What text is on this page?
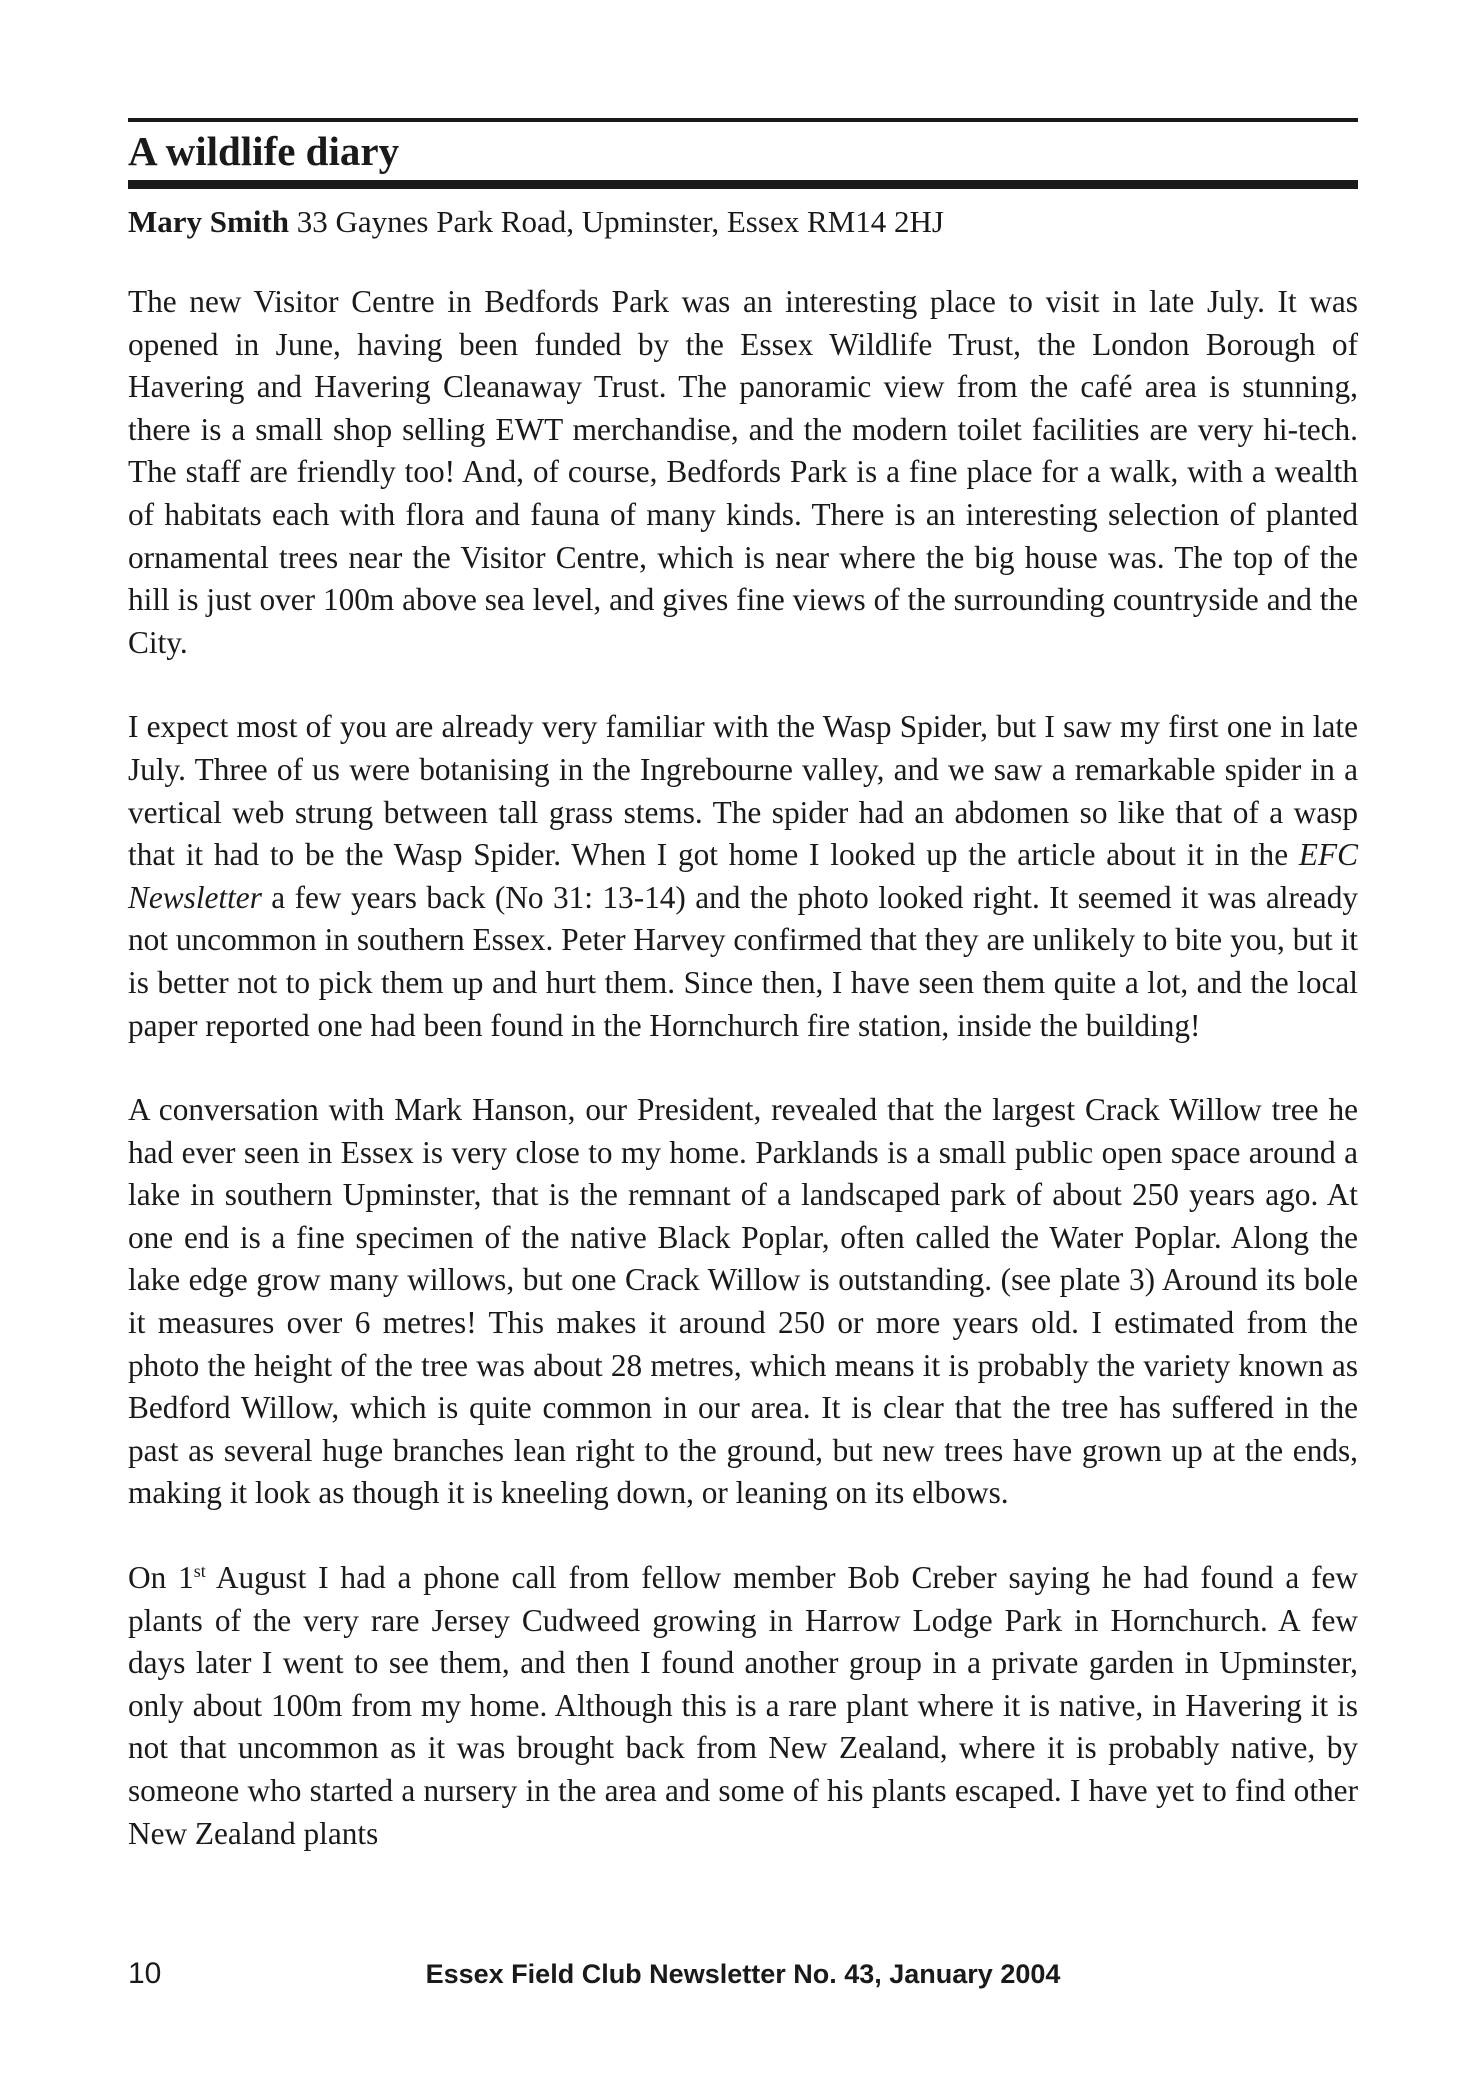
A wildlife diary
Mary Smith 33 Gaynes Park Road, Upminster, Essex RM14 2HJ

The new Visitor Centre in Bedfords Park was an interesting place to visit in late July. It was opened in June, having been funded by the Essex Wildlife Trust, the London Borough of Havering and Havering Cleanaway Trust. The panoramic view from the café area is stunning, there is a small shop selling EWT merchandise, and the modern toilet facilities are very hi-tech. The staff are friendly too! And, of course, Bedfords Park is a fine place for a walk, with a wealth of habitats each with flora and fauna of many kinds. There is an interesting selection of planted ornamental trees near the Visitor Centre, which is near where the big house was. The top of the hill is just over 100m above sea level, and gives fine views of the surrounding countryside and the City.

I expect most of you are already very familiar with the Wasp Spider, but I saw my first one in late July. Three of us were botanising in the Ingrebourne valley, and we saw a remarkable spider in a vertical web strung between tall grass stems. The spider had an abdomen so like that of a wasp that it had to be the Wasp Spider. When I got home I looked up the article about it in the EFC Newsletter a few years back (No 31: 13-14) and the photo looked right. It seemed it was already not uncommon in southern Essex. Peter Harvey confirmed that they are unlikely to bite you, but it is better not to pick them up and hurt them. Since then, I have seen them quite a lot, and the local paper reported one had been found in the Hornchurch fire station, inside the building!

A conversation with Mark Hanson, our President, revealed that the largest Crack Willow tree he had ever seen in Essex is very close to my home. Parklands is a small public open space around a lake in southern Upminster, that is the remnant of a landscaped park of about 250 years ago. At one end is a fine specimen of the native Black Poplar, often called the Water Poplar. Along the lake edge grow many willows, but one Crack Willow is outstanding. (see plate 3) Around its bole it measures over 6 metres! This makes it around 250 or more years old. I estimated from the photo the height of the tree was about 28 metres, which means it is probably the variety known as Bedford Willow, which is quite common in our area. It is clear that the tree has suffered in the past as several huge branches lean right to the ground, but new trees have grown up at the ends, making it look as though it is kneeling down, or leaning on its elbows.

On 1st August I had a phone call from fellow member Bob Creber saying he had found a few plants of the very rare Jersey Cudweed growing in Harrow Lodge Park in Hornchurch. A few days later I went to see them, and then I found another group in a private garden in Upminster, only about 100m from my home. Although this is a rare plant where it is native, in Havering it is not that uncommon as it was brought back from New Zealand, where it is probably native, by someone who started a nursery in the area and some of his plants escaped. I have yet to find other New Zealand plants

10	Essex Field Club Newsletter No. 43, January 2004
